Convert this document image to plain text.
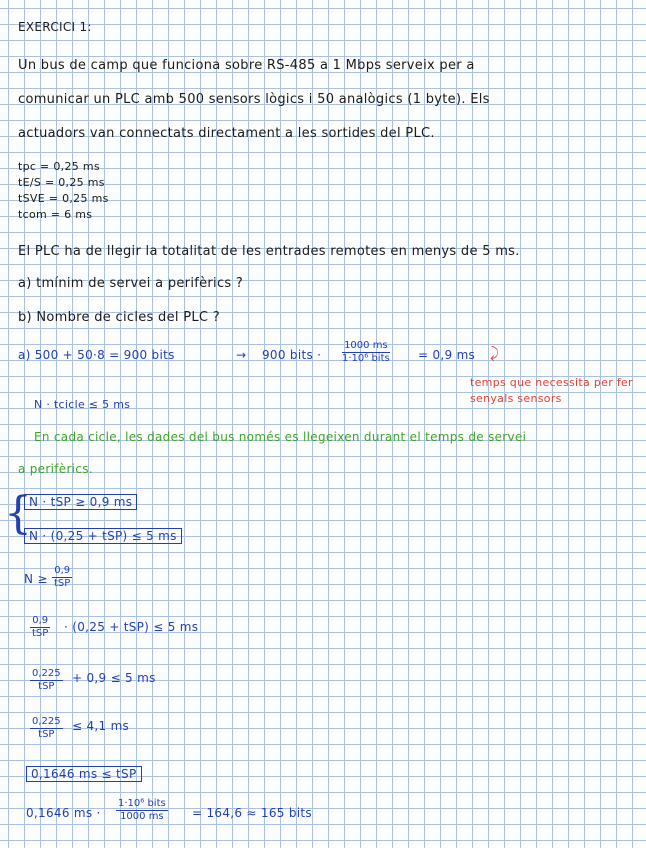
EXERCICI 1:
Un bus de camp que funciona sobre RS-485 a 1 Mbps serveix per a
comunicar un PLC amb 500 sensors lògics i 50 analògics (1 byte). Els
actuadors van connectats directament a les sortides del PLC.
tpc = 0,25 ms
tE/S = 0,25 ms
tSVE = 0,25 ms
tcom = 6 ms
El PLC ha de llegir la totalitat de les entrades remotes en menys de 5 ms.
a) tmínim de servei a perifèrics ?
b) Nombre de cicles del PLC ?
a) 500 + 50·8 = 900 bits	→ 900 bits ·
1000 ms
1·10⁶ bits = 0,9 ms ⤸
temps que necessita per fer
senyals sensors
N · tcicle ≤ 5 ms
En cada cicle, les dades del bus només es llegeixen durant el temps de servei
a perifèrics.
{
N · tSP ≥ 0,9 ms
N · (0,25 + tSP) ≤ 5 ms
N ≥
0,9
tSP
0,9
tSP · (0,25 + tSP) ≤ 5 ms
0,225
tSP
+ 0,9 ≤ 5 ms
0,225
tSP
≤ 4,1 ms
0,1646 ms ≤ tSP
0,1646 ms ·
1·10⁶ bits
1000 ms = 164,6 ≈ 165 bits
